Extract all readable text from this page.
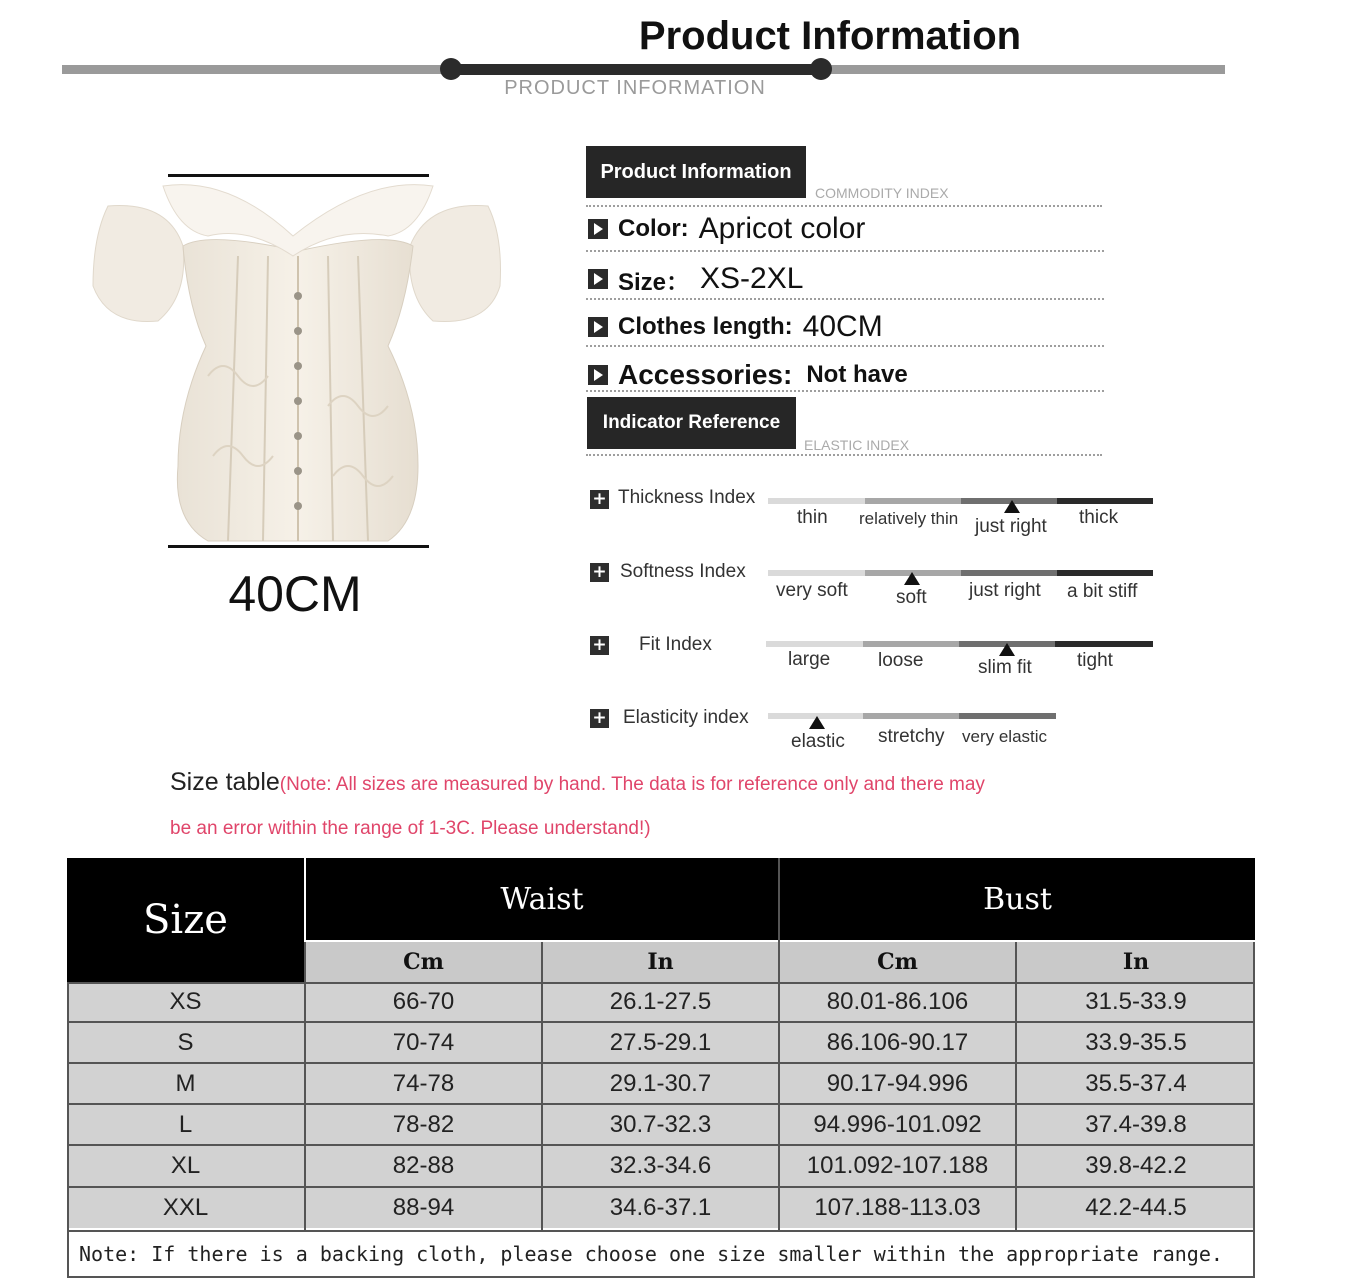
Product Information
PRODUCT INFORMATION
40CM
Product Information
COMMODITY INDEX
Color: Apricot color
Size： XS-2XL
Clothes length: 40CM
Accessories: Not have
Indicator Reference
ELASTIC INDEX
+ Thickness Index
thin relatively thin just right thick
+ Softness Index
very soft	soft just right a bit stiff
+ Fit Index
large	loose	slim fit tight
+ Elasticity index
elastic stretchy very elastic
Size table(Note: All sizes are measured by hand. The data is for reference only and there may
be an error within the range of 1-3C. Please understand!)
Size	Waist	Bust
Cm	In	Cm	In
XS	66-70	26.1-27.5	80.01-86.106	31.5-33.9
S	70-74	27.5-29.1	86.106-90.17	33.9-35.5
M	74-78	29.1-30.7	90.17-94.996	35.5-37.4
L	78-82	30.7-32.3	94.996-101.092	37.4-39.8
XL	82-88	32.3-34.6	101.092-107.188	39.8-42.2
XXL	88-94	34.6-37.1	107.188-113.03	42.2-44.5
Note: If there is a backing cloth, please choose one size smaller within the appropriate range.
